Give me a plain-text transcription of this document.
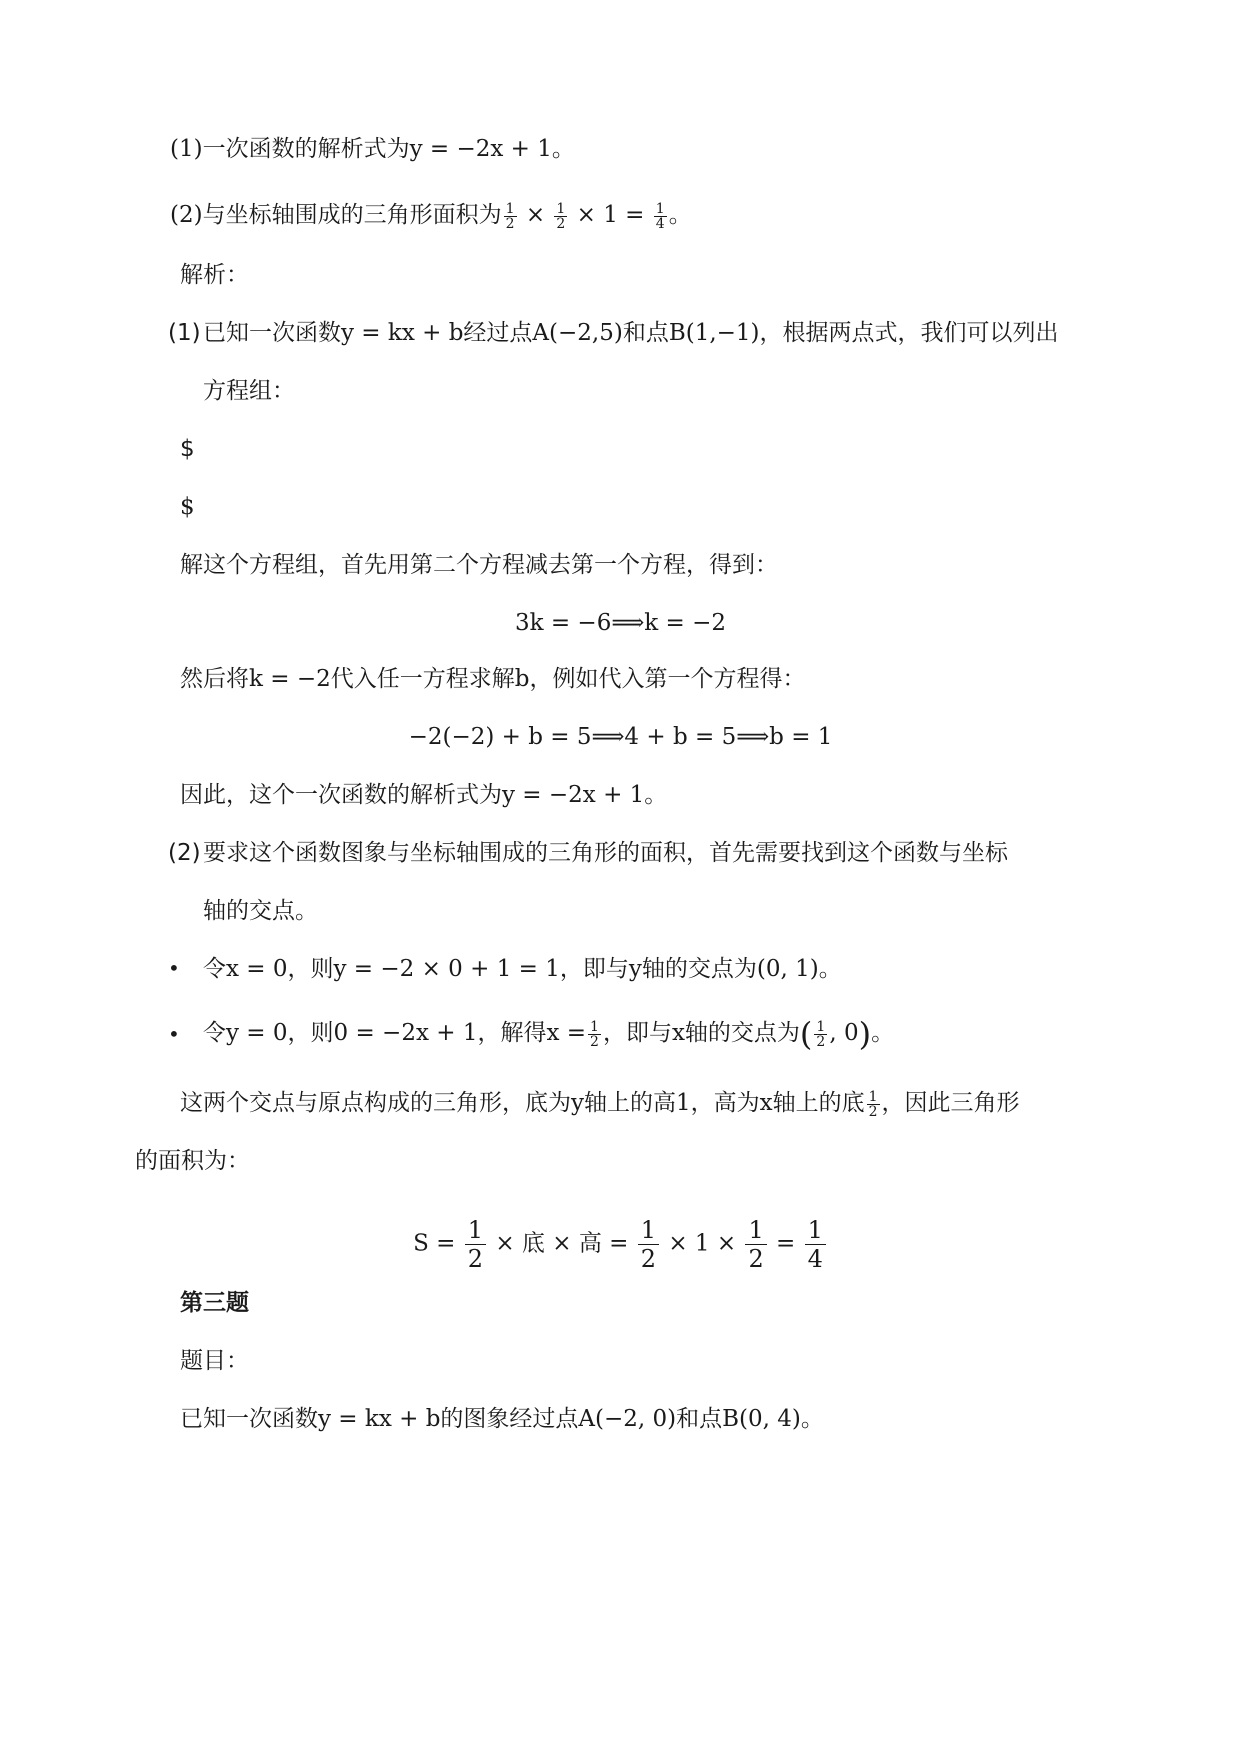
(1)一次函数的解析式为y = −2x + 1。
(2)与坐标轴围成的三角形面积为 $\frac{1}{2} \times \frac{1}{2} \times 1 = \frac{1}{4}$ 。
解析：
(1) 已知一次函数y = kx + b经过点A(−2,5)和点B(1,−1)，根据两点式，我们可以列出
方程组：
$
$
解这个方程组，首先用第二个方程减去第一个方程，得到：
3k = −6⟹k = −2
然后将k = −2代入任一方程求解b，例如代入第一个方程得：
−2(−2) + b = 5⟹4 + b = 5⟹b = 1
因此，这个一次函数的解析式为y = −2x + 1。
(2) 要求这个函数图象与坐标轴围成的三角形的面积，首先需要找到这个函数与坐标
轴的交点。
• 令x = 0，则y = −2 × 0 + 1 = 1，即与y轴的交点为(0, 1)。
• 令y = 0，则0 = −2x + 1，解得$x = \frac{1}{2}$ ，即与x轴的交点为( $\frac{1}{2}$ , 0)。
这两个交点与原点构成的三角形，底为y轴上的高1，高为x轴上的底 $\frac{1}{2}$ ，因此三角形
的面积为：
$S = \frac{1}{2}$ × 底 × 高 = $\frac{1}{2} \times 1 \times \frac{1}{2} = \frac{1}{4}$
第三题
题目：
已知一次函数y = kx + b的图象经过点A(−2, 0)和点B(0, 4)。
